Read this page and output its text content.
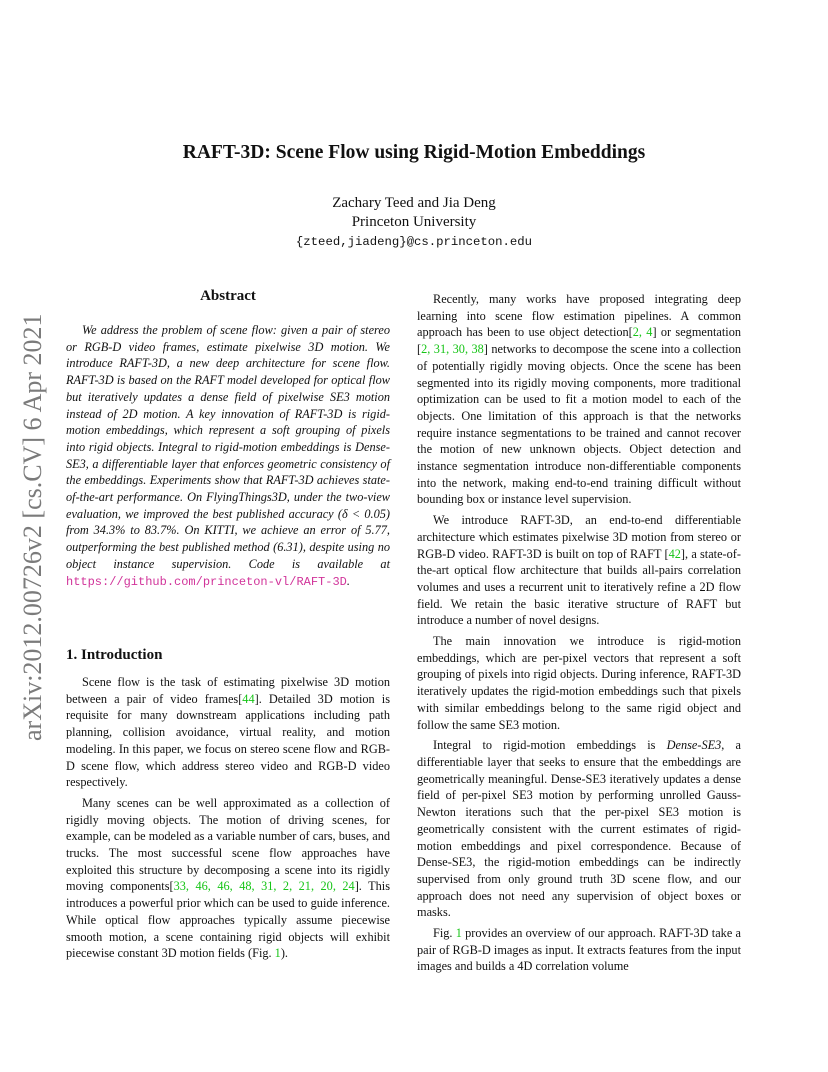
arXiv:2012.00726v2 [cs.CV] 6 Apr 2021
RAFT-3D: Scene Flow using Rigid-Motion Embeddings
Zachary Teed and Jia Deng
Princeton University
{zteed,jiadeng}@cs.princeton.edu
Abstract

We address the problem of scene flow: given a pair of stereo or RGB-D video frames, estimate pixelwise 3D motion. We introduce RAFT-3D, a new deep architecture for scene flow. RAFT-3D is based on the RAFT model developed for optical flow but iteratively updates a dense field of pixelwise SE3 motion instead of 2D motion. A key innovation of RAFT-3D is rigid-motion embeddings, which represent a soft grouping of pixels into rigid objects. Integral to rigid-motion embeddings is Dense-SE3, a differentiable layer that enforces geometric consistency of the embeddings. Experiments show that RAFT-3D achieves state-of-the-art performance. On FlyingThings3D, under the two-view evaluation, we improved the best published accuracy (δ < 0.05) from 34.3% to 83.7%. On KITTI, we achieve an error of 5.77, outperforming the best published method (6.31), despite using no object instance supervision. Code is available at https://github.com/princeton-vl/RAFT-3D.

1. Introduction

Scene flow is the task of estimating pixelwise 3D motion between a pair of video frames[44]. Detailed 3D motion is requisite for many downstream applications including path planning, collision avoidance, virtual reality, and motion modeling. In this paper, we focus on stereo scene flow and RGB-D scene flow, which address stereo video and RGB-D video respectively.

Many scenes can be well approximated as a collection of rigidly moving objects. The motion of driving scenes, for example, can be modeled as a variable number of cars, buses, and trucks. The most successful scene flow approaches have exploited this structure by decomposing a scene into its rigidly moving components[33, 46, 46, 48, 31, 2, 21, 20, 24]. This introduces a powerful prior which can be used to guide inference. While optical flow approaches typically assume piecewise smooth motion, a scene containing rigid objects will exhibit piecewise constant 3D motion fields (Fig. 1).

Recently, many works have proposed integrating deep learning into scene flow estimation pipelines. A common approach has been to use object detection[2, 4] or segmentation [2, 31, 30, 38] networks to decompose the scene into a collection of potentially rigidly moving objects. Once the scene has been segmented into its rigidly moving components, more traditional optimization can be used to fit a motion model to each of the objects. One limitation of this approach is that the networks require instance segmentations to be trained and cannot recover the motion of new unknown objects. Object detection and instance segmentation introduce non-differentiable components into the network, making end-to-end training difficult without bounding box or instance level supervision.

We introduce RAFT-3D, an end-to-end differentiable architecture which estimates pixelwise 3D motion from stereo or RGB-D video. RAFT-3D is built on top of RAFT [42], a state-of-the-art optical flow architecture that builds all-pairs correlation volumes and uses a recurrent unit to iteratively refine a 2D flow field. We retain the basic iterative structure of RAFT but introduce a number of novel designs.

The main innovation we introduce is rigid-motion embeddings, which are per-pixel vectors that represent a soft grouping of pixels into rigid objects. During inference, RAFT-3D iteratively updates the rigid-motion embeddings such that pixels with similar embeddings belong to the same rigid object and follow the same SE3 motion.

Integral to rigid-motion embeddings is Dense-SE3, a differentiable layer that seeks to ensure that the embeddings are geometrically meaningful. Dense-SE3 iteratively updates a dense field of per-pixel SE3 motion by performing unrolled Gauss-Newton iterations such that the per-pixel SE3 motion is geometrically consistent with the current estimates of rigid-motion embeddings and pixel correspondence. Because of Dense-SE3, the rigid-motion embeddings can be indirectly supervised from only ground truth 3D scene flow, and our approach does not need any supervision of object boxes or masks.

Fig. 1 provides an overview of our approach. RAFT-3D take a pair of RGB-D images as input. It extracts features from the input images and builds a 4D correlation volume
